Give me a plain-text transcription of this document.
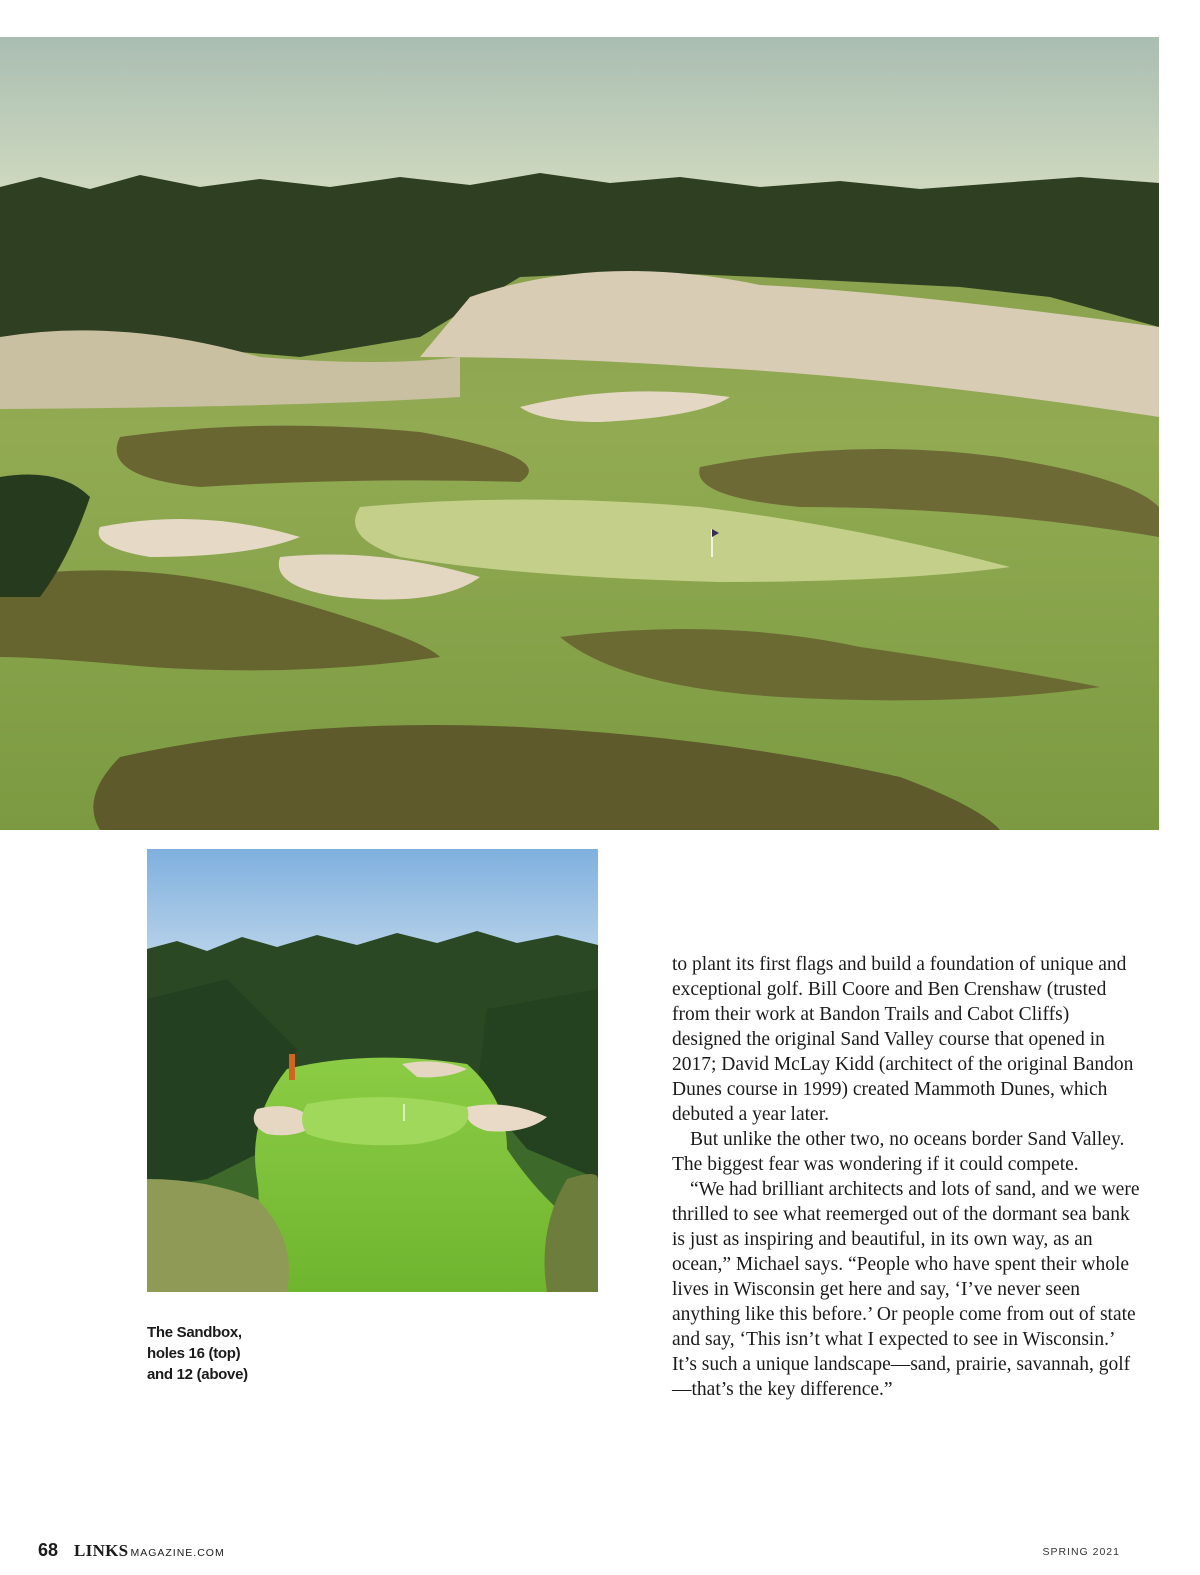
The Sandbox,
holes 16 (top)
and 12 (above)

to plant its first flags and build a foundation of unique and exceptional golf. Bill Coore and Ben Crenshaw (trusted from their work at Bandon Trails and Cabot Cliffs) designed the original Sand Valley course that opened in 2017; David McLay Kidd (architect of the original Bandon Dunes course in 1999) created Mammoth Dunes, which debuted a year later.

But unlike the other two, no oceans border Sand Valley. The biggest fear was wondering if it could compete.

“We had brilliant architects and lots of sand, and we were thrilled to see what reemerged out of the dormant sea bank is just as inspiring and beautiful, in its own way, as an ocean,” Michael says. “People who have spent their whole lives in Wisconsin get here and say, ‘I’ve never seen anything like this before.’ Or people come from out of state and say, ‘This isn’t what I expected to see in Wisconsin.’ It’s such a unique landscape—sand, prairie, savannah, golf—that’s the key difference.”

68 LINKS MAGAZINE.COM	SPRING 2021
